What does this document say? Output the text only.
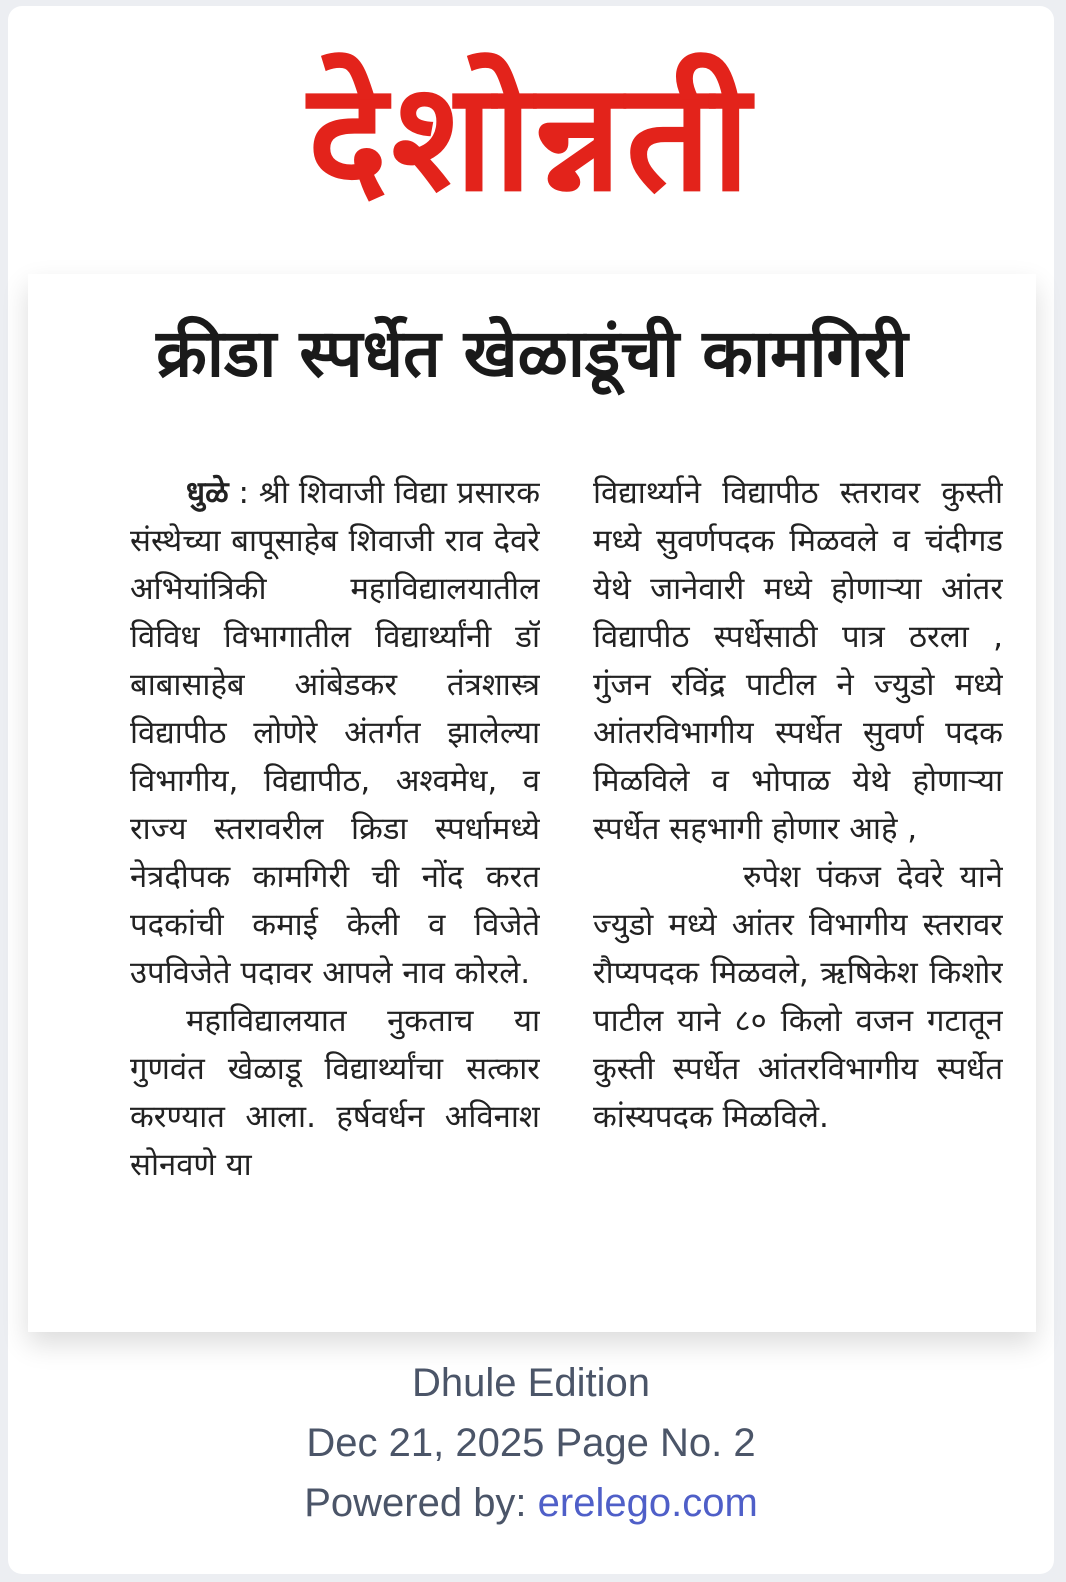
देशोन्नती
क्रीडा स्पर्धेत खेळाडूंची कामगिरी

धुळे : श्री शिवाजी विद्या प्रसारक संस्थेच्या बापूसाहेब शिवाजी राव देवरे अभियांत्रिकी महाविद्यालयातील विविध विभागातील विद्यार्थ्यांनी डॉ बाबासाहेब आंबेडकर तंत्रशास्त्र विद्यापीठ लोणेरे अंतर्गत झालेल्या विभागीय, विद्यापीठ, अश्वमेध, व राज्य स्तरावरील क्रिडा स्पर्धामध्ये नेत्रदीपक कामगिरी ची नोंद करत पदकांची कमाई केली व विजेते उपविजेते पदावर आपले नाव कोरले.

महाविद्यालयात नुकताच या गुणवंत खेळाडू विद्यार्थ्यांचा सत्कार करण्यात आला. हर्षवर्धन अविनाश सोनवणे या

विद्यार्थ्याने विद्यापीठ स्तरावर कुस्ती मध्ये सुवर्णपदक मिळवले व चंदीगड येथे जानेवारी मध्ये होणाऱ्या आंतर विद्यापीठ स्पर्धेसाठी पात्र ठरला , गुंजन रविंद्र पाटील ने ज्युडो मध्ये आंतरविभागीय स्पर्धेत सुवर्ण पदक मिळविले व भोपाळ येथे होणाऱ्या स्पर्धेत सहभागी होणार आहे ,

रुपेश पंकज देवरे याने ज्युडो मध्ये आंतर विभागीय स्तरावर रौप्यपदक मिळवले, ऋषिकेश किशोर पाटील याने ८० किलो वजन गटातून कुस्ती स्पर्धेत आंतरविभागीय स्पर्धेत कांस्यपदक मिळविले.

Dhule Edition
Dec 21, 2025 Page No. 2
Powered by: erelego.com
